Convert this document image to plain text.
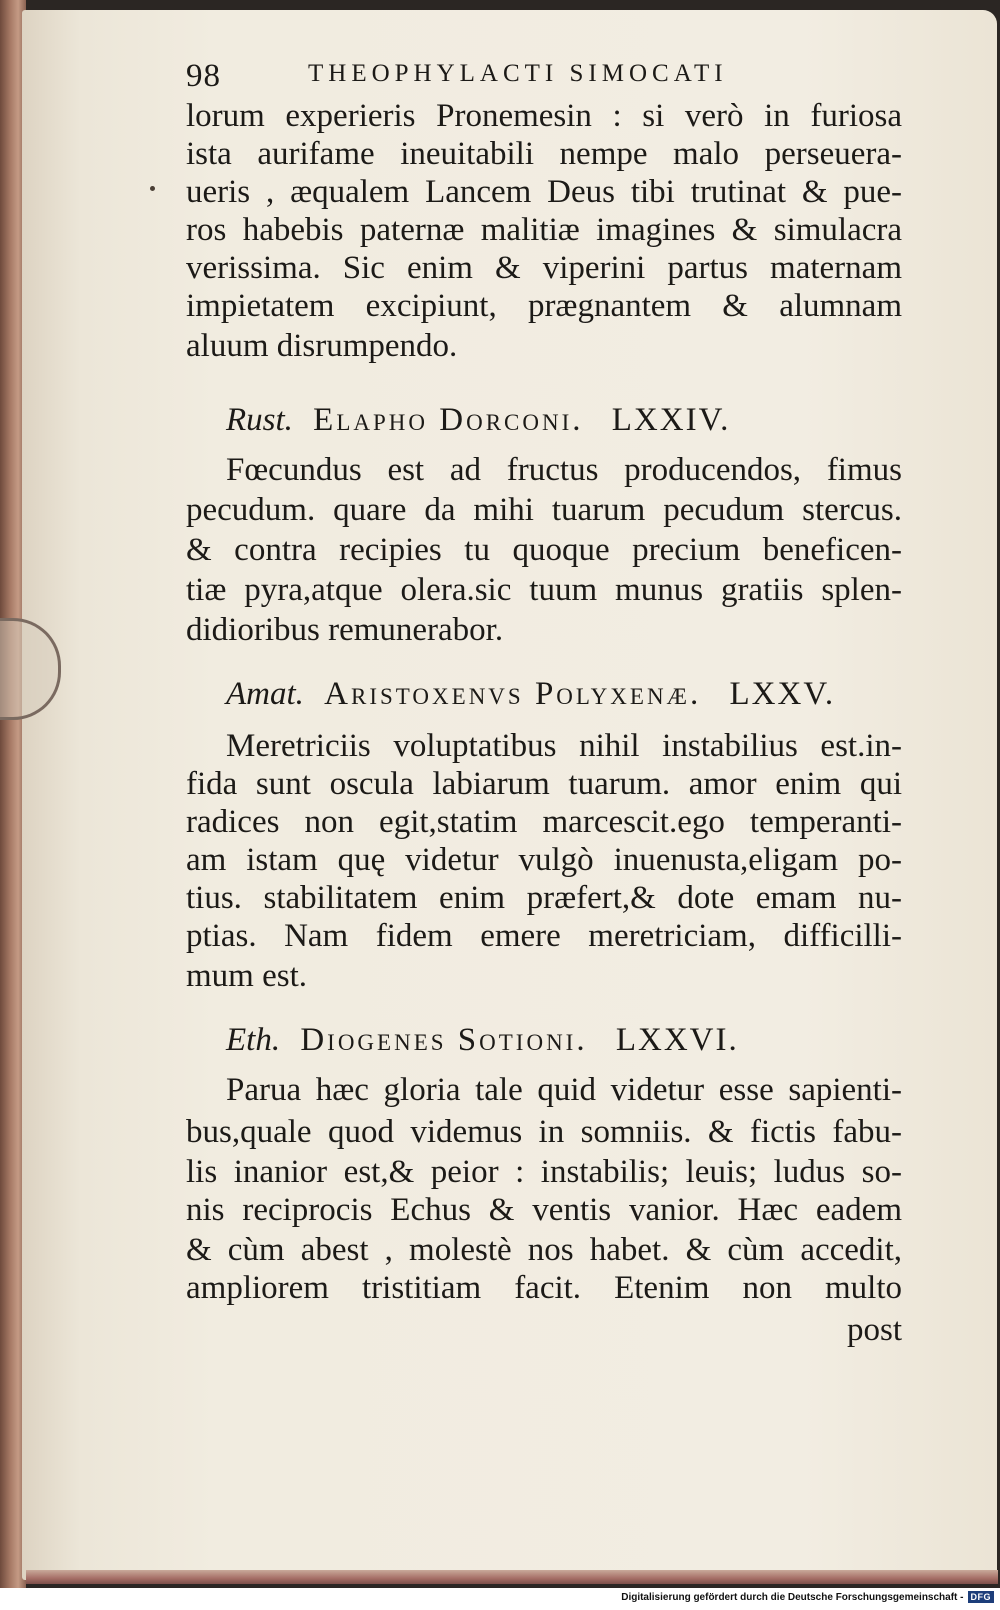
98	THEOPHYLACTI SIMOCATI
lorum experieris Pronemesin : si verò in furiosa
ista aurifame ineuitabili nempe malo perseuera-
ueris , æqualem Lancem Deus tibi trutinat & pue-
ros habebis paternæ malitiæ imagines & simulacra
verissima. Sic enim & viperini partus maternam
impietatem excipiunt, prægnantem & alumnam
aluum disrumpendo.
Rust. Elapho Dorconi. LXXIV.
Fœcundus est ad fructus producendos, fimus
pecudum. quare da mihi tuarum pecudum stercus.
& contra recipies tu quoque precium beneficen-
tiæ pyra,atque olera.sic tuum munus gratiis splen-
didioribus remunerabor.
Amat. Aristoxenvs Polyxenæ. LXXV.
Meretriciis voluptatibus nihil instabilius est.in-
fida sunt oscula labiarum tuarum. amor enim qui
radices non egit,statim marcescit.ego temperanti-
am istam quę videtur vulgò inuenusta,eligam po-
tius. stabilitatem enim præfert,& dote emam nu-
ptias. Nam fidem emere meretriciam, difficilli-
mum est.
Eth. Diogenes Sotioni. LXXVI.
Parua hæc gloria tale quid videtur esse sapienti-
bus,quale quod videmus in somniis. & fictis fabu-
lis inanior est,& peior : instabilis; leuis; ludus so-
nis reciprocis Echus & ventis vanior. Hæc eadem
& cùm abest , molestè nos habet. & cùm accedit,
ampliorem tristitiam facit. Etenim non multo
post
Digitalisierung gefördert durch die Deutsche Forschungsgemeinschaft - DFG
